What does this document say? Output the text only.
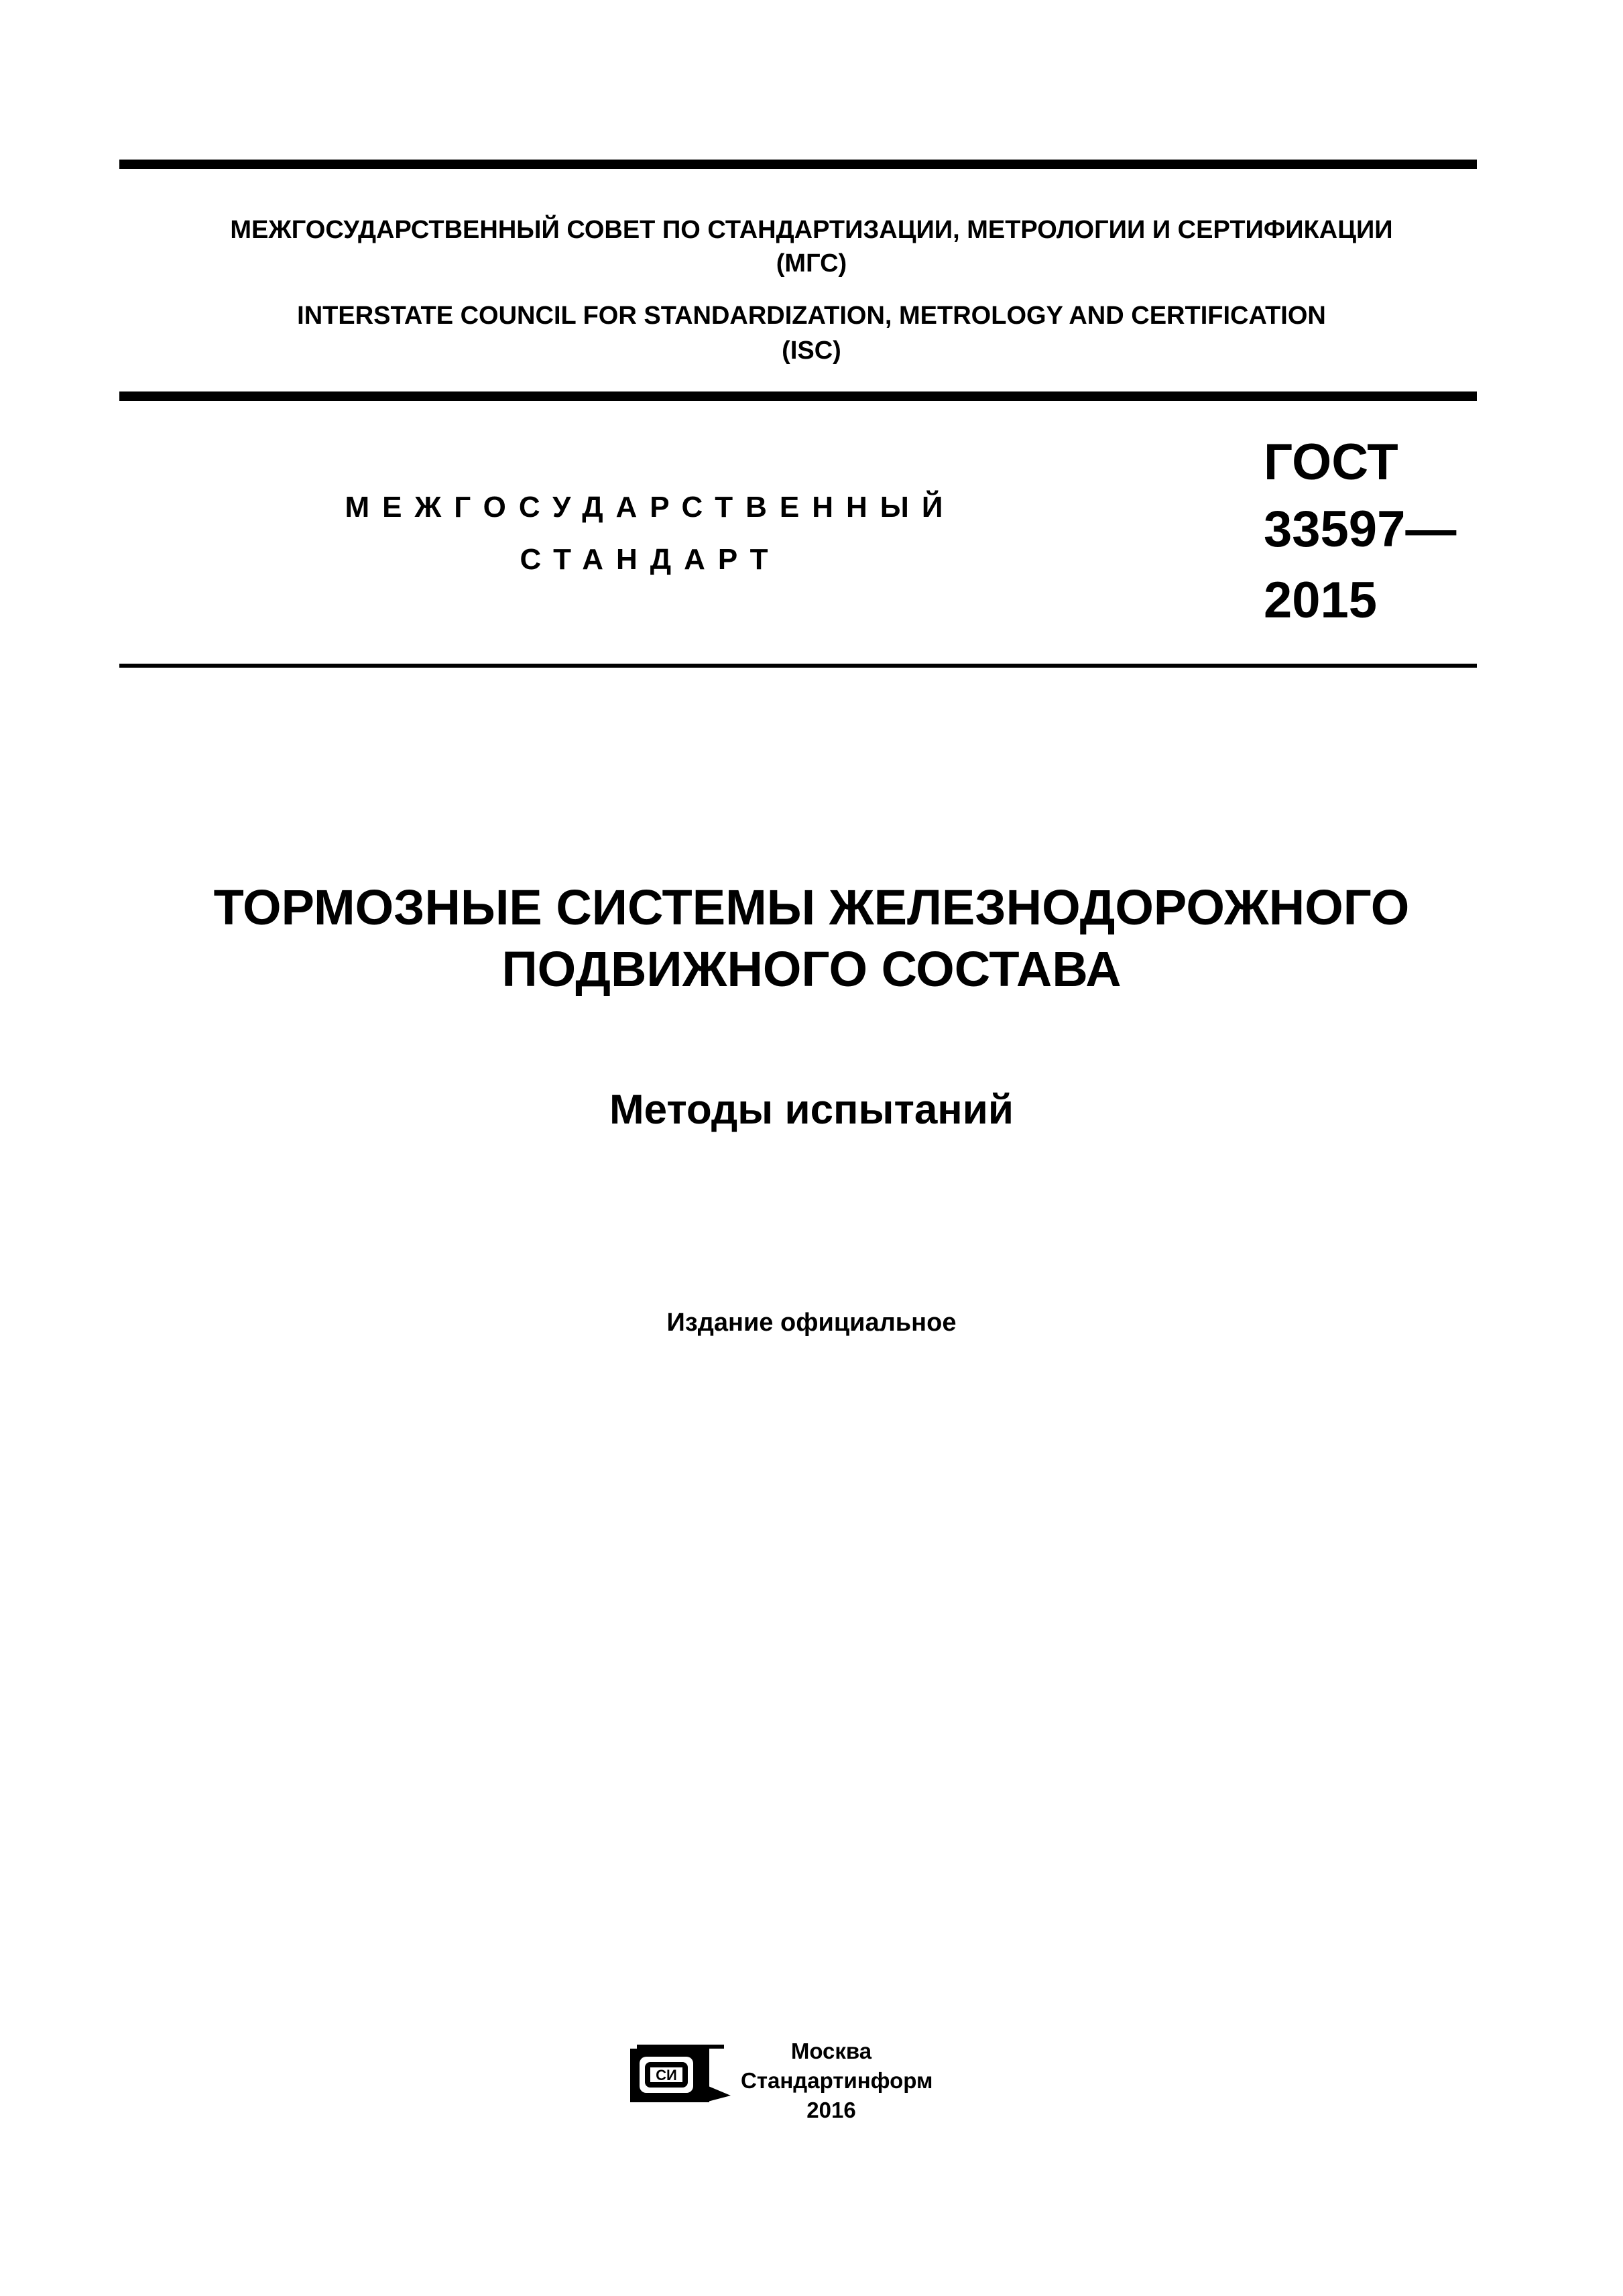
МЕЖГОСУДАРСТВЕННЫЙ СОВЕТ ПО СТАНДАРТИЗАЦИИ, МЕТРОЛОГИИ И СЕРТИФИКАЦИИ
(МГС)
INTERSTATE COUNCIL FOR STANDARDIZATION, METROLOGY AND CERTIFICATION
(ISC)
МЕЖГОСУДАРСТВЕННЫЙ
СТАНДАРТ
ГОСТ
33597—
2015
ТОРМОЗНЫЕ СИСТЕМЫ ЖЕЛЕЗНОДОРОЖНОГО
ПОДВИЖНОГО СОСТАВА
Методы испытаний
Издание официальное
СИ
Москва
Стандартинформ
2016
